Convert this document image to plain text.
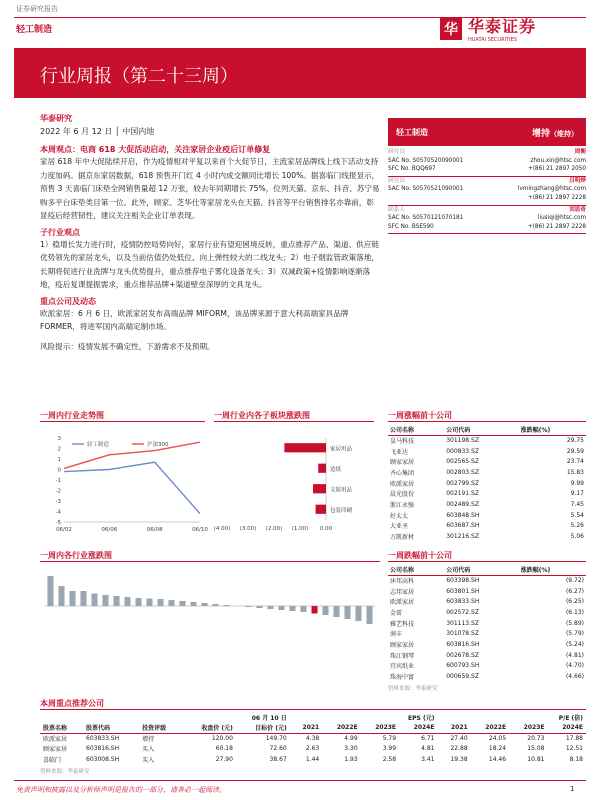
证券研究报告
轻工制造	华 华泰证券
HUATAI SECURITIES
行业周报（第二十三周）
华泰研究
2022 年 6 月 12 日 │ 中国内地
本周观点：电商 618 大促活动启动，关注家居企业疫后订单修复
家居 618 年中大促陆续开启，作为疫情相对平复以来首个大促节日，主流家居品牌线上线下活动支持力度加码。据京东家居数据，618 预售开门红 4 小时内成交额同比增长 100%。据喜临门线报显示，预售 3 天喜临门床垫全网销售量超 12 万张，较去年同期增长 75%，位列天猫、京东、抖音、苏宁易购多平台床垫类目第一位。此外，顾家、芝华仕等家居龙头在天猫、抖音等平台销售排名亦靠前，彰显疫后经营韧性，建议关注相关企业订单表现。
子行业观点
1）稳增长发力进行时，疫情防控局势向好，家居行业有望迎困境反转，重点推荐产品、渠道、供应链优势领先的家居龙头，以及当前估值仍处低位、向上弹性较大的二线龙头；2）电子烟监管政策落地，长期将促进行业洗牌与龙头优势提升，重点推荐电子雾化设备龙头；3）双减政策+疫情影响逐渐落地，疫后复课提振需求，重点推荐品牌+渠道壁垒深厚的文具龙头。
重点公司及动态
欧派家居：6 月 6 日，欧派家居发布高端品牌 MIFORM，该品牌来源于意大利高端家具品牌 FORMER，将进军国内高端定制市场。
风险提示：疫情发展不确定性，下游需求不及预期。
轻工制造	增持（维持）
研究员	周衡
SAC No. S0570520090001	zhou.xin@htsc.com
SFC No. BQQ697	+(86) 21 2897 2050
研究员	吕明烨
SAC No. S0570521090001	lvmingzhang@htsc.com
+(86) 21 2897 2228
联系人	刘思奇
SAC No. S0570121070181	liusiqi@htsc.com
SFC No. BSE590	+(86) 21 2897 2228
一周内行业走势图	一周行业内各子板块涨跌图
-5
-4
-3
-2
-1
0
1
2
3
06/02	06/06	06/08	06/10
轻工制造	沪深300
(4.00) (3.00) (2.00) (1.00) 0.00
家居用品
造纸
文娱用品
包装印刷
一周涨幅前十公司
公司名称	公司代码	涨跌幅(%)
皇马科技	301198.SZ	29.75
飞亚达	000833.SZ	29.59
顾家家居	002565.SZ	23.74
齐心集团	002803.SZ	15.83
欧派家居	002799.SZ	9.99
晨光股份	002191.SZ	9.17
浙江永强	002489.SZ	7.45
好太太	603848.SH	5.54
大亚圣	603687.SH	5.26
万凯新材	301216.SZ	5.06
一周跌幅前十公司
公司名称	公司代码	涨跌幅(%)
沐邦高科	603398.SH	(9.72)
志邦家居	603801.SH	(6.27)
欧派家居	603833.SH	(6.25)
金雷	002572.SZ	(6.13)
雅艺科技	301113.SZ	(5.89)
润丰	301078.SZ	(5.79)
顾家家居	603816.SH	(5.24)
珠江钢琴	002678.SZ	(4.81)
宜宾纸业	600793.SH	(4.70)
珠海中富	000659.SZ	(4.66)
资料来源：华泰研究
一周内各行业涨跌图
本周重点推荐公司
			06 月 10 日		EPS (元)				P/E (倍)			
股票名称	股票代码	投资评级	收盘价 (元)	目标价 (元)	2021	2022E	2023E	2024E	2021	2022E	2023E	2024E
欧派家居	603833.SH	增持	120.00	149.70	4.38	4.99	5.79	6.71	27.40	24.05	20.73	17.88
顾家家居	603816.SH	买入	60.18	72.60	2.63	3.30	3.99	4.81	22.88	18.24	15.08	12.51
喜临门	603008.SH	买入	27.90	38.67	1.44	1.93	2.58	3.41	19.38	14.46	10.81	8.18
资料来源：华泰研究
免责声明和披露以及分析师声明是报告的一部分，请务必一起阅读。	1
